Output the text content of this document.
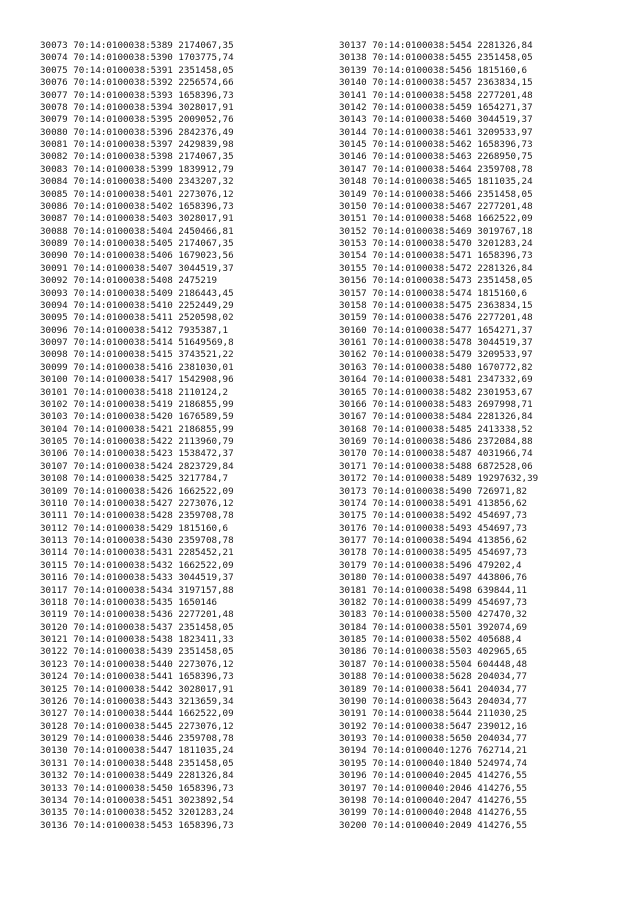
30073 70:14:0100038:5389 2174067,35
30074 70:14:0100038:5390 1703775,74
30075 70:14:0100038:5391 2351458,05
30076 70:14:0100038:5392 2256574,66
30077 70:14:0100038:5393 1658396,73
30078 70:14:0100038:5394 3028017,91
30079 70:14:0100038:5395 2009052,76
30080 70:14:0100038:5396 2842376,49
30081 70:14:0100038:5397 2429839,98
30082 70:14:0100038:5398 2174067,35
30083 70:14:0100038:5399 1839912,79
30084 70:14:0100038:5400 2343207,32
30085 70:14:0100038:5401 2273076,12
30086 70:14:0100038:5402 1658396,73
30087 70:14:0100038:5403 3028017,91
30088 70:14:0100038:5404 2450466,81
30089 70:14:0100038:5405 2174067,35
30090 70:14:0100038:5406 1679023,56
30091 70:14:0100038:5407 3044519,37
30092 70:14:0100038:5408 2475219
30093 70:14:0100038:5409 2186443,45
30094 70:14:0100038:5410 2252449,29
30095 70:14:0100038:5411 2520598,02
30096 70:14:0100038:5412 7935387,1
30097 70:14:0100038:5414 51649569,8
30098 70:14:0100038:5415 3743521,22
30099 70:14:0100038:5416 2381030,01
30100 70:14:0100038:5417 1542908,96
30101 70:14:0100038:5418 2110124,2
30102 70:14:0100038:5419 2186855,99
30103 70:14:0100038:5420 1676589,59
30104 70:14:0100038:5421 2186855,99
30105 70:14:0100038:5422 2113960,79
30106 70:14:0100038:5423 1538472,37
30107 70:14:0100038:5424 2823729,84
30108 70:14:0100038:5425 3217784,7
30109 70:14:0100038:5426 1662522,09
30110 70:14:0100038:5427 2273076,12
30111 70:14:0100038:5428 2359708,78
30112 70:14:0100038:5429 1815160,6
30113 70:14:0100038:5430 2359708,78
30114 70:14:0100038:5431 2285452,21
30115 70:14:0100038:5432 1662522,09
30116 70:14:0100038:5433 3044519,37
30117 70:14:0100038:5434 3197157,88
30118 70:14:0100038:5435 1650146
30119 70:14:0100038:5436 2277201,48
30120 70:14:0100038:5437 2351458,05
30121 70:14:0100038:5438 1823411,33
30122 70:14:0100038:5439 2351458,05
30123 70:14:0100038:5440 2273076,12
30124 70:14:0100038:5441 1658396,73
30125 70:14:0100038:5442 3028017,91
30126 70:14:0100038:5443 3213659,34
30127 70:14:0100038:5444 1662522,09
30128 70:14:0100038:5445 2273076,12
30129 70:14:0100038:5446 2359708,78
30130 70:14:0100038:5447 1811035,24
30131 70:14:0100038:5448 2351458,05
30132 70:14:0100038:5449 2281326,84
30133 70:14:0100038:5450 1658396,73
30134 70:14:0100038:5451 3023892,54
30135 70:14:0100038:5452 3201283,24
30136 70:14:0100038:5453 1658396,73
30137 70:14:0100038:5454 2281326,84
30138 70:14:0100038:5455 2351458,05
30139 70:14:0100038:5456 1815160,6
30140 70:14:0100038:5457 2363834,15
30141 70:14:0100038:5458 2277201,48
30142 70:14:0100038:5459 1654271,37
30143 70:14:0100038:5460 3044519,37
30144 70:14:0100038:5461 3209533,97
30145 70:14:0100038:5462 1658396,73
30146 70:14:0100038:5463 2268950,75
30147 70:14:0100038:5464 2359708,78
30148 70:14:0100038:5465 1811035,24
30149 70:14:0100038:5466 2351458,05
30150 70:14:0100038:5467 2277201,48
30151 70:14:0100038:5468 1662522,09
30152 70:14:0100038:5469 3019767,18
30153 70:14:0100038:5470 3201283,24
30154 70:14:0100038:5471 1658396,73
30155 70:14:0100038:5472 2281326,84
30156 70:14:0100038:5473 2351458,05
30157 70:14:0100038:5474 1815160,6
30158 70:14:0100038:5475 2363834,15
30159 70:14:0100038:5476 2277201,48
30160 70:14:0100038:5477 1654271,37
30161 70:14:0100038:5478 3044519,37
30162 70:14:0100038:5479 3209533,97
30163 70:14:0100038:5480 1670772,82
30164 70:14:0100038:5481 2347332,69
30165 70:14:0100038:5482 2301953,67
30166 70:14:0100038:5483 2697998,71
30167 70:14:0100038:5484 2281326,84
30168 70:14:0100038:5485 2413338,52
30169 70:14:0100038:5486 2372084,88
30170 70:14:0100038:5487 4031966,74
30171 70:14:0100038:5488 6872528,06
30172 70:14:0100038:5489 19297632,39
30173 70:14:0100038:5490 726971,82
30174 70:14:0100038:5491 413856,62
30175 70:14:0100038:5492 454697,73
30176 70:14:0100038:5493 454697,73
30177 70:14:0100038:5494 413856,62
30178 70:14:0100038:5495 454697,73
30179 70:14:0100038:5496 479202,4
30180 70:14:0100038:5497 443806,76
30181 70:14:0100038:5498 639844,11
30182 70:14:0100038:5499 454697,73
30183 70:14:0100038:5500 427470,32
30184 70:14:0100038:5501 392074,69
30185 70:14:0100038:5502 405688,4
30186 70:14:0100038:5503 402965,65
30187 70:14:0100038:5504 604448,48
30188 70:14:0100038:5628 204034,77
30189 70:14:0100038:5641 204034,77
30190 70:14:0100038:5643 204034,77
30191 70:14:0100038:5644 211030,25
30192 70:14:0100038:5647 239012,16
30193 70:14:0100038:5650 204034,77
30194 70:14:0100040:1276 762714,21
30195 70:14:0100040:1840 524974,74
30196 70:14:0100040:2045 414276,55
30197 70:14:0100040:2046 414276,55
30198 70:14:0100040:2047 414276,55
30199 70:14:0100040:2048 414276,55
30200 70:14:0100040:2049 414276,55
